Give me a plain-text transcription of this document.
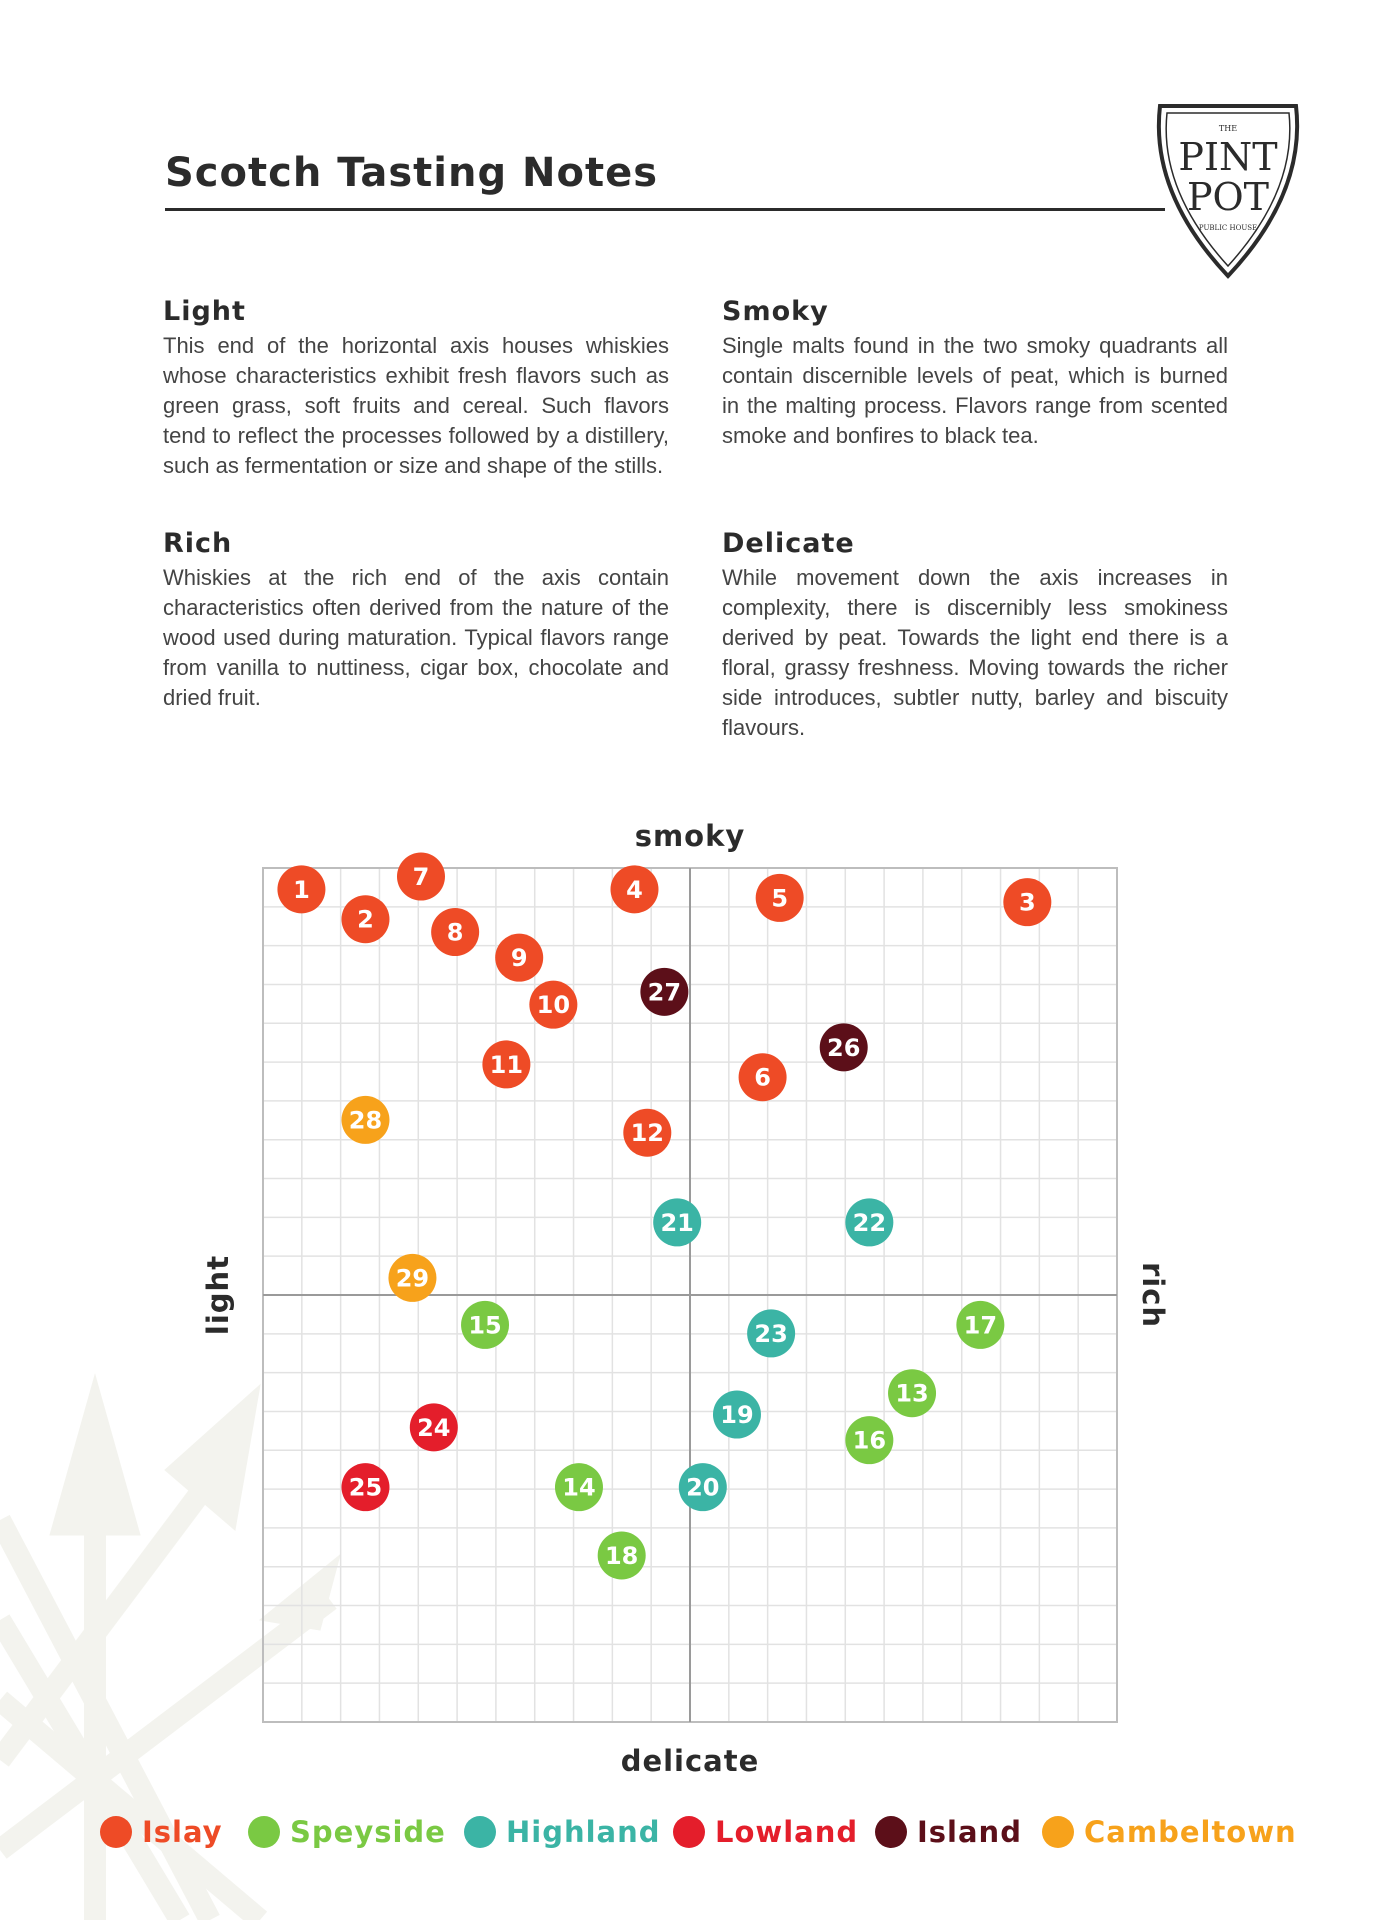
Scotch Tasting Notes
THE
PINT
POT
PUBLIC HOUSE
Light

This end of the horizontal axis houses whiskies whose characteristics exhibit fresh flavors such as green grass, soft fruits and cereal. Such flavors tend to reflect the processes followed by a distillery, such as fermentation or size and shape of the stills.

Smoky

Single malts found in the two smoky quadrants all contain discernible levels of peat, which is burned in the malting process. Flavors range from scented smoke and bonfires to black tea.

Rich

Whiskies at the rich end of the axis contain characteristics often derived from the nature of the wood used during maturation. Typical flavors range from vanilla to nuttiness, cigar box, chocolate and dried fruit.

Delicate

While movement down the axis increases in complexity, there is discernibly less smokiness derived by peat. Towards the light end there is a floral, grassy freshness. Moving towards the richer side introduces, subtler nutty, barley and biscuity flavours.

smoky
delicate
light	rich
1
2
3
4	5
6
7
8
9
10
11
12
13
14
15
16
17
18
19
20
21	22
23
24
25
26
27
28
29
Islay Speyside Highland Lowland Island Cambeltown
